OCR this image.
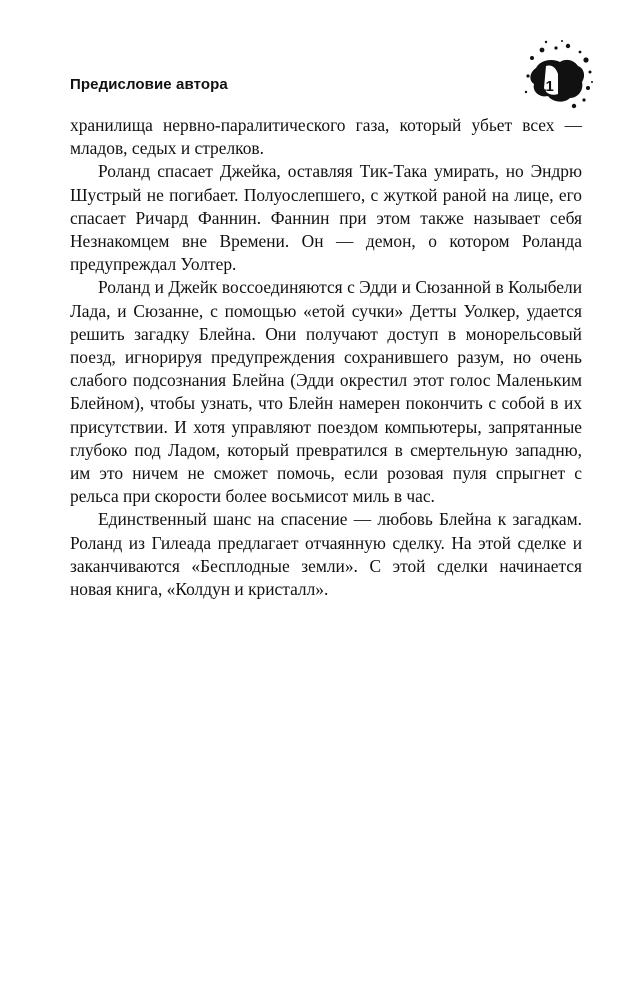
Предисловие автора	11

хранилища нервно-паралитического газа, который убьет всех — младов, седых и стрелков.

Роланд спасает Джейка, оставляя Тик-Така умирать, но Эндрю Шустрый не погибает. Полуослепшего, с жуткой раной на лице, его спасает Ричард Фаннин. Фаннин при этом также называет себя Незнакомцем вне Времени. Он — демон, о котором Роланда предупреждал Уолтер.

Роланд и Джейк воссоединяются с Эдди и Сюзанной в Колыбели Лада, и Сюзанне, с помощью «етой сучки» Детты Уолкер, удается решить загадку Блейна. Они получают доступ в монорельсовый поезд, игнорируя предупреждения сохранившего разум, но очень слабого подсознания Блейна (Эдди окрестил этот голос Маленьким Блейном), чтобы узнать, что Блейн намерен покончить с собой в их присутствии. И хотя управляют поездом компьютеры, запрятанные глубоко под Ладом, который превратился в смертельную западню, им это ничем не сможет помочь, если розовая пуля спрыгнет с рельса при скорости более восьмисот миль в час.

Единственный шанс на спасение — любовь Блейна к загадкам. Роланд из Гилеада предлагает отчаянную сделку. На этой сделке и заканчиваются «Бесплодные земли». С этой сделки начинается новая книга, «Колдун и кристалл».
